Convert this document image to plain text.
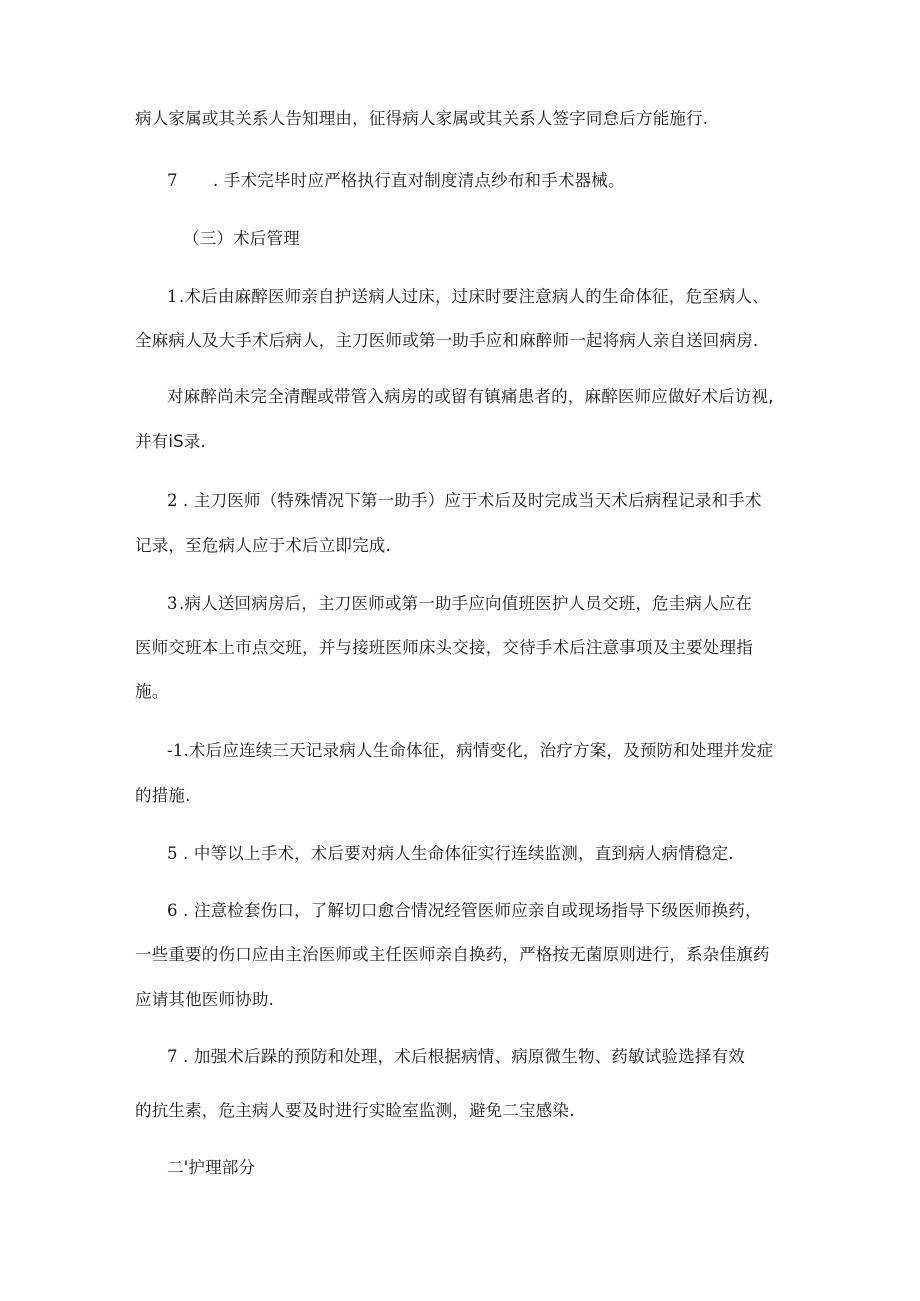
病人家属或其关系人告知理由，征得病人家属或其关系人签字同怠后方能施行.
7 . 手术完毕时应严格执行直对制度清点纱布和手术器械。
（三）术后管理
1.术后由麻醉医师亲自护送病人过床，过床时要注意病人的生命体征，危至病人、
全麻病人及大手术后病人，主刀医师或第一助手应和麻醉师一起将病人亲自送回病房.
对麻醉尚未完全清醒或带管入病房的或留有镇痛患者的，麻醉医师应做好术后访视,
并有iS录.
2 . 主刀医师（特殊情况下第一助手）应于术后及时完成当天术后病程记录和手术
记录，至危病人应于术后立即完成.
3.病人送回病房后，主刀医师或第一助手应向值班医护人员交班，危圭病人应在
医师交班本上市点交班，并与接班医师床头交接，交待手术后注意事项及主要处理指
施。
-1.术后应连续三天记录病人生命体征，病情变化，治疗方案，及预防和处理并发症
的措施.
5 . 中等以上手术，术后要对病人生命体征实行连续监测，直到病人病情稳定.
6 . 注意检套伤口，了解切口愈合情况经管医师应亲自或现场指导下级医师换药，
一些重要的伤口应由主治医师或主任医师亲自换药，严格按无菌原则进行，系杂佳旗药
应请其他医师协助.
7 . 加强术后跺的预防和处理，术后根据病情、病原微生物、药敏试验选择有效
的抗生素，危主病人要及时进行实睑室监测，避免二宝感染.
二'护理部分
